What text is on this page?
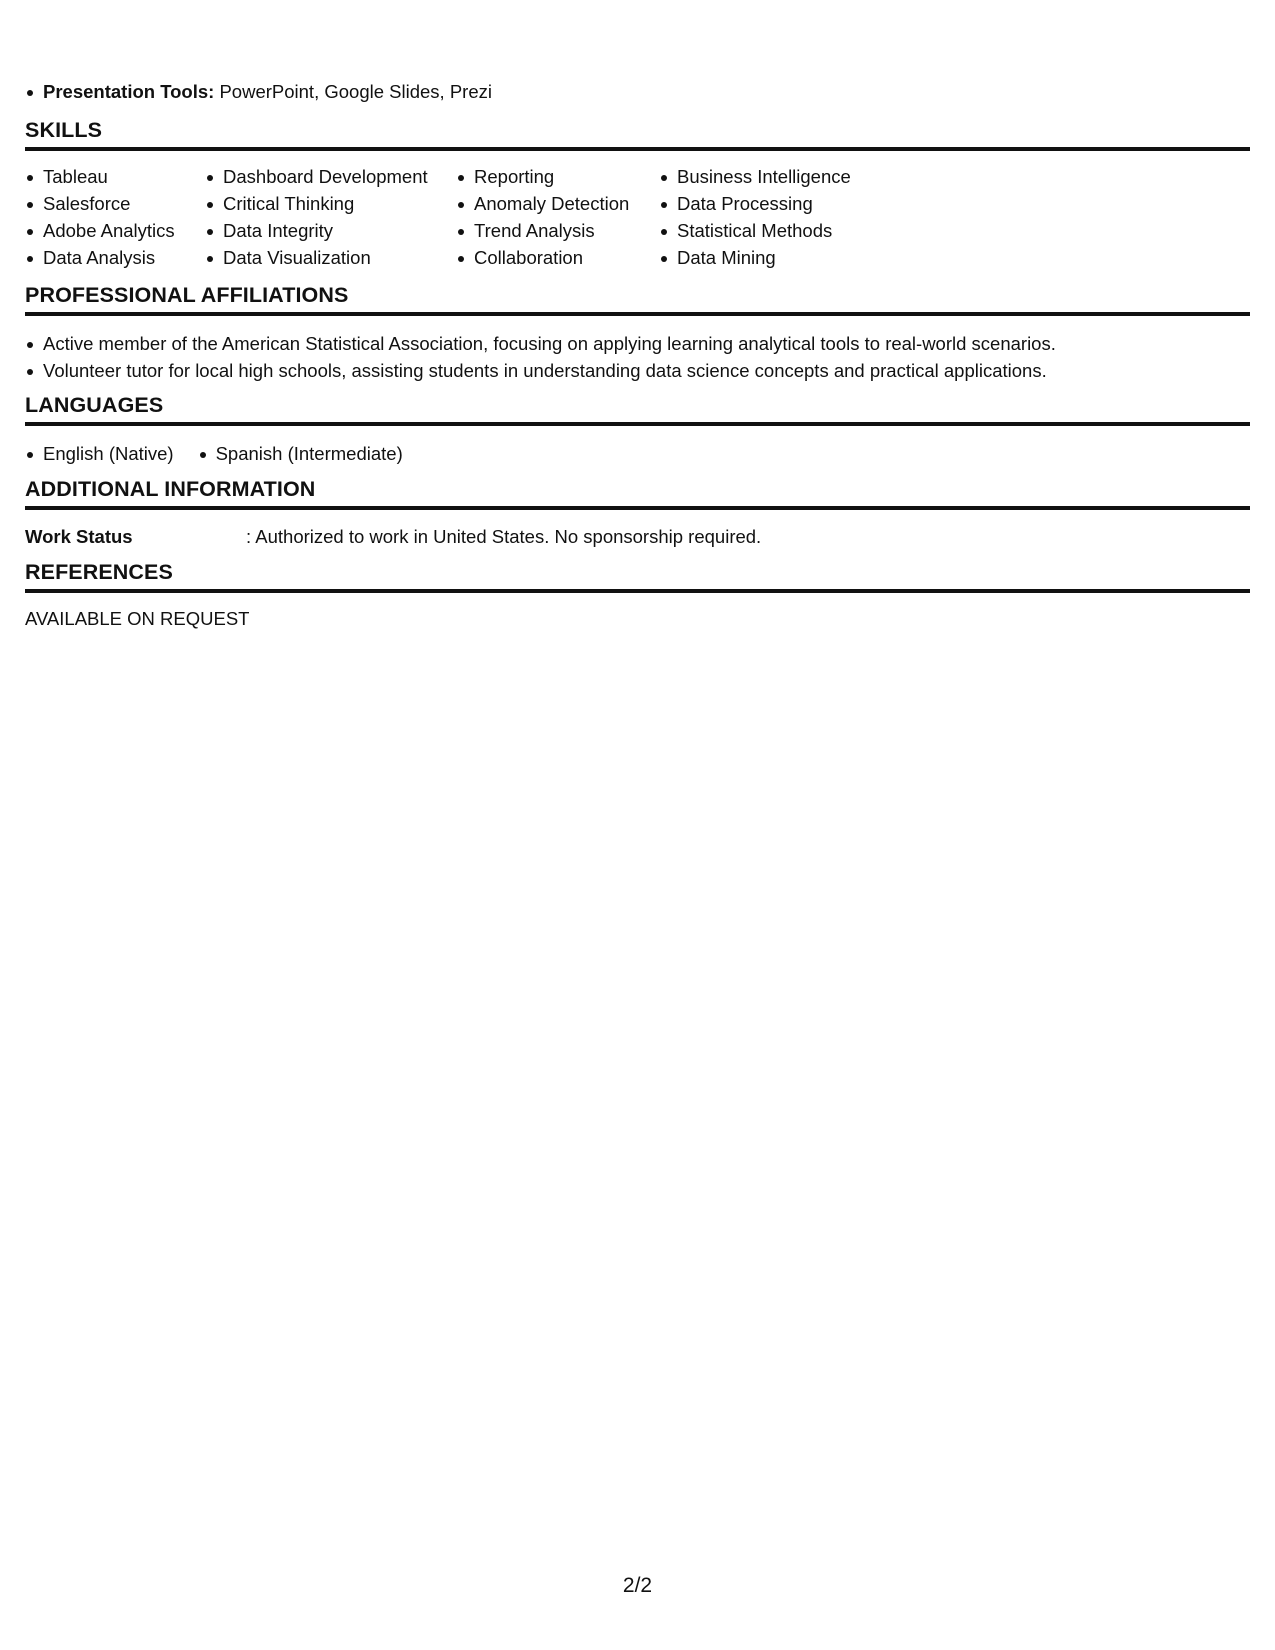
Presentation Tools: PowerPoint, Google Slides, Prezi
SKILLS
Tableau
Salesforce
Adobe Analytics
Data Analysis
Dashboard Development
Critical Thinking
Data Integrity
Data Visualization
Reporting
Anomaly Detection
Trend Analysis
Collaboration
Business Intelligence
Data Processing
Statistical Methods
Data Mining
PROFESSIONAL AFFILIATIONS
Active member of the American Statistical Association, focusing on applying learning analytical tools to real-world scenarios.
Volunteer tutor for local high schools, assisting students in understanding data science concepts and practical applications.
LANGUAGES
English (Native)	Spanish (Intermediate)
ADDITIONAL INFORMATION
Work Status	: Authorized to work in United States. No sponsorship required.
REFERENCES
AVAILABLE ON REQUEST
2/2
